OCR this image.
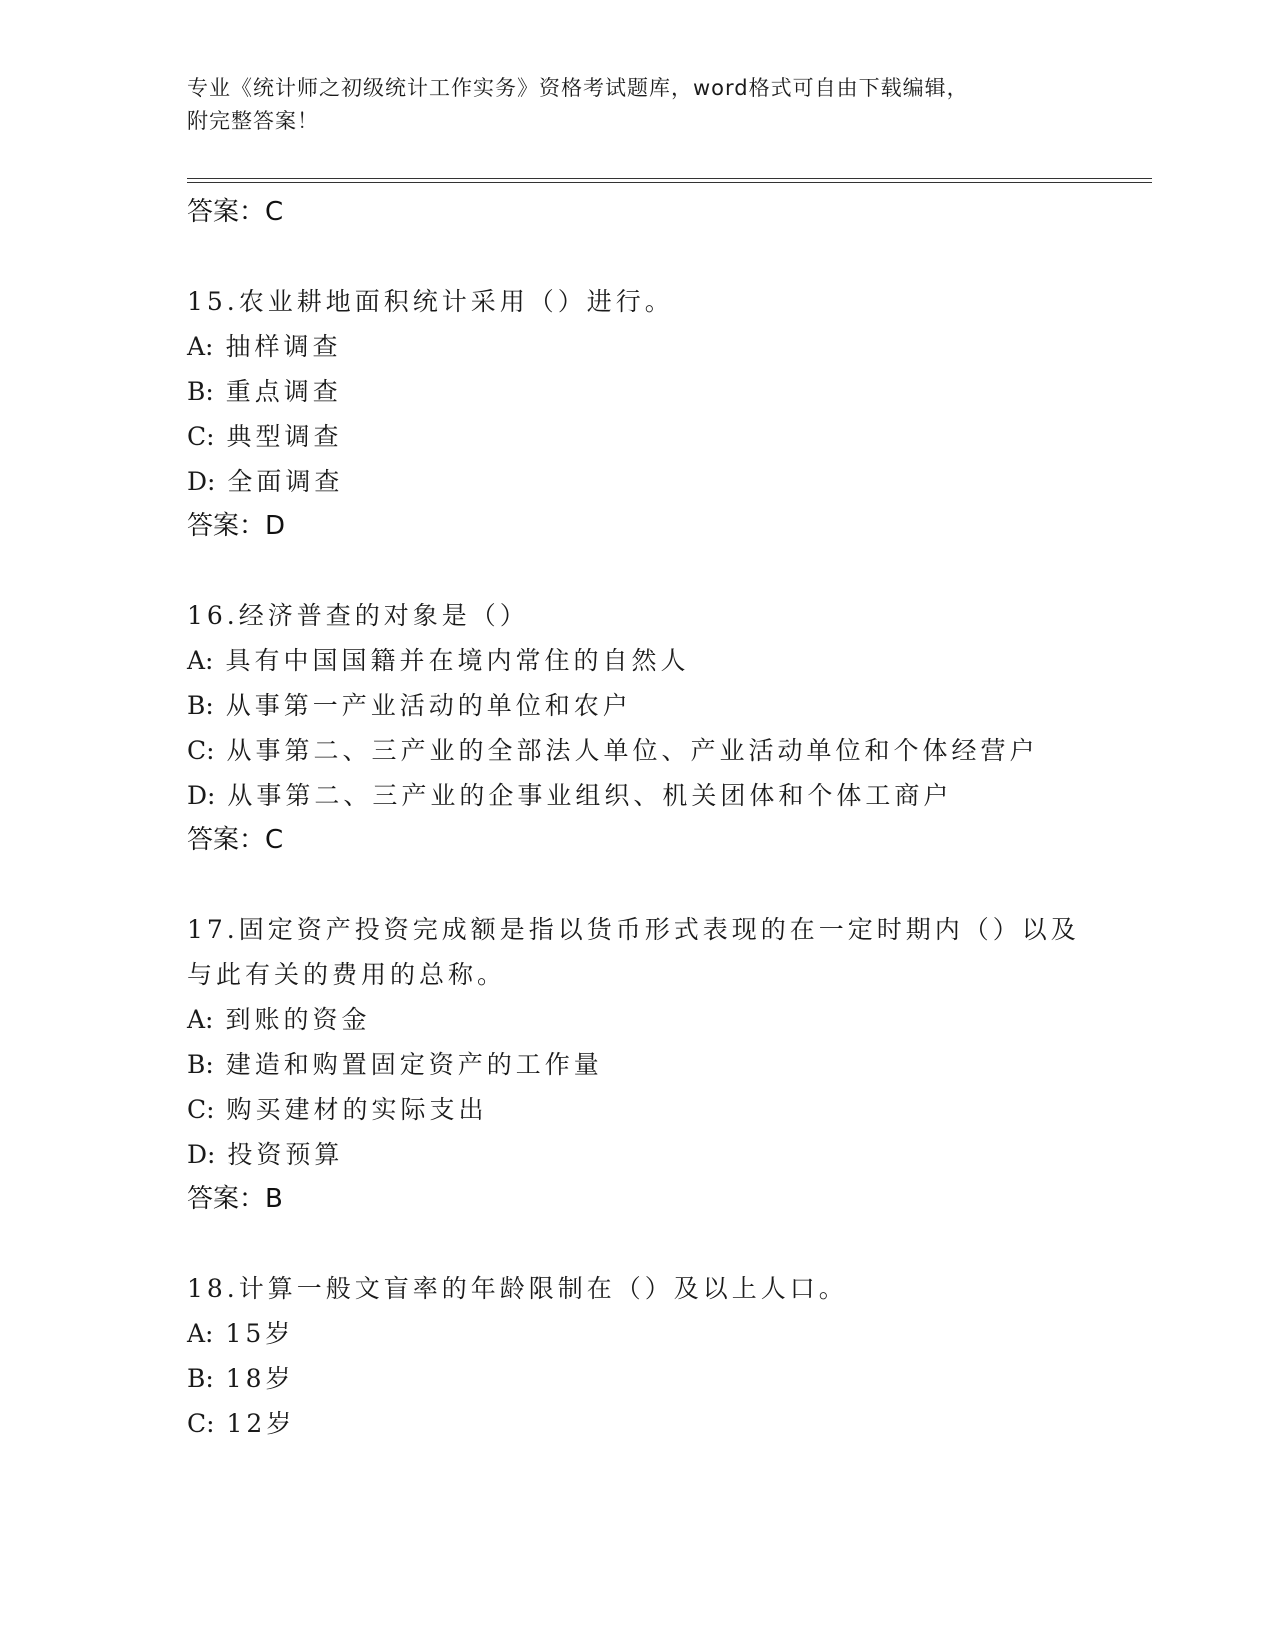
专业《统计师之初级统计工作实务》资格考试题库，word格式可自由下载编辑，
附完整答案！
答案：C
15.农业耕地面积统计采用（）进行。
A: 抽样调查
B: 重点调查
C: 典型调查
D: 全面调查
答案：D
16.经济普查的对象是（）
A: 具有中国国籍并在境内常住的自然人
B: 从事第一产业活动的单位和农户
C: 从事第二、三产业的全部法人单位、产业活动单位和个体经营户
D: 从事第二、三产业的企事业组织、机关团体和个体工商户
答案：C
17.固定资产投资完成额是指以货币形式表现的在一定时期内（）以及
与此有关的费用的总称。
A: 到账的资金
B: 建造和购置固定资产的工作量
C: 购买建材的实际支出
D: 投资预算
答案：B
18.计算一般文盲率的年龄限制在（）及以上人口。
A: 15岁
B: 18岁
C: 12岁
